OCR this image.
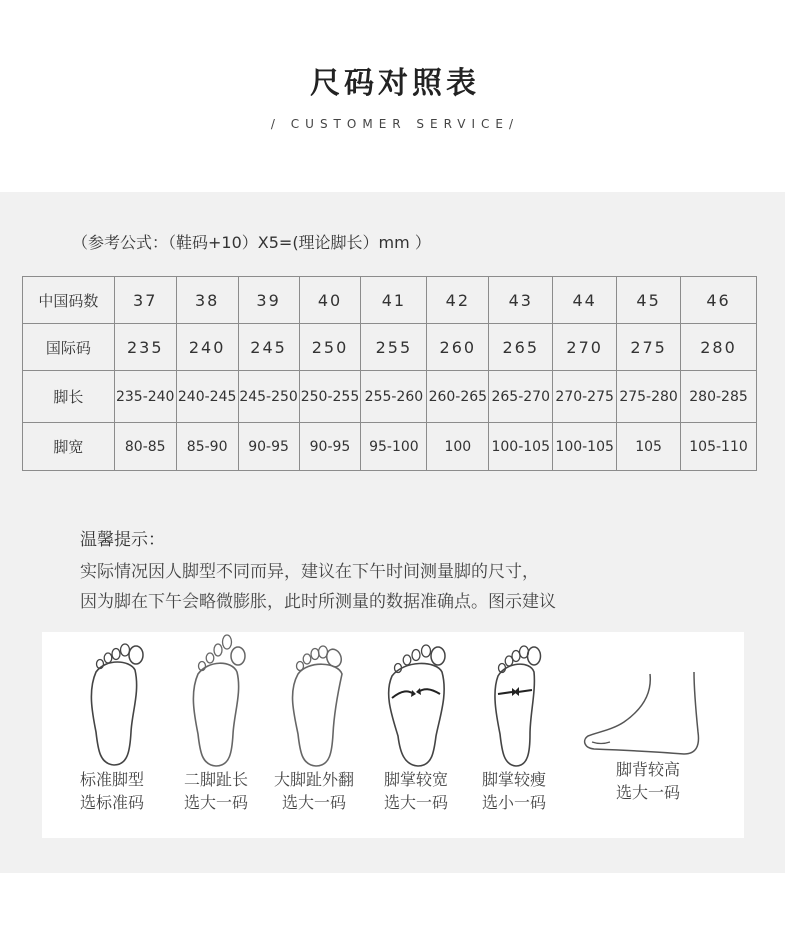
尺码对照表
/ CUSTOMER SERVICE/
（参考公式：（鞋码+10）X5=(理论脚长）mm ）
中国码数	37	38	39	40	41	42	43	44	45	46
国际码	235	240	245	250	255	260	265	270	275	280
脚长	235-240	240-245	245-250	250-255	255-260	260-265	265-270	270-275	275-280	280-285
脚宽	80-85	85-90	90-95	90-95	95-100	100	100-105	100-105	105	105-110
温馨提示：
实际情况因人脚型不同而异，建议在下午时间测量脚的尺寸，
因为脚在下午会略微膨胀，此时所测量的数据准确点。图示建议
标准脚型
选标准码
二脚趾长
选大一码
大脚趾外翻
选大一码
脚掌较宽
选大一码
脚掌较瘦
选小一码
脚背较高
选大一码
